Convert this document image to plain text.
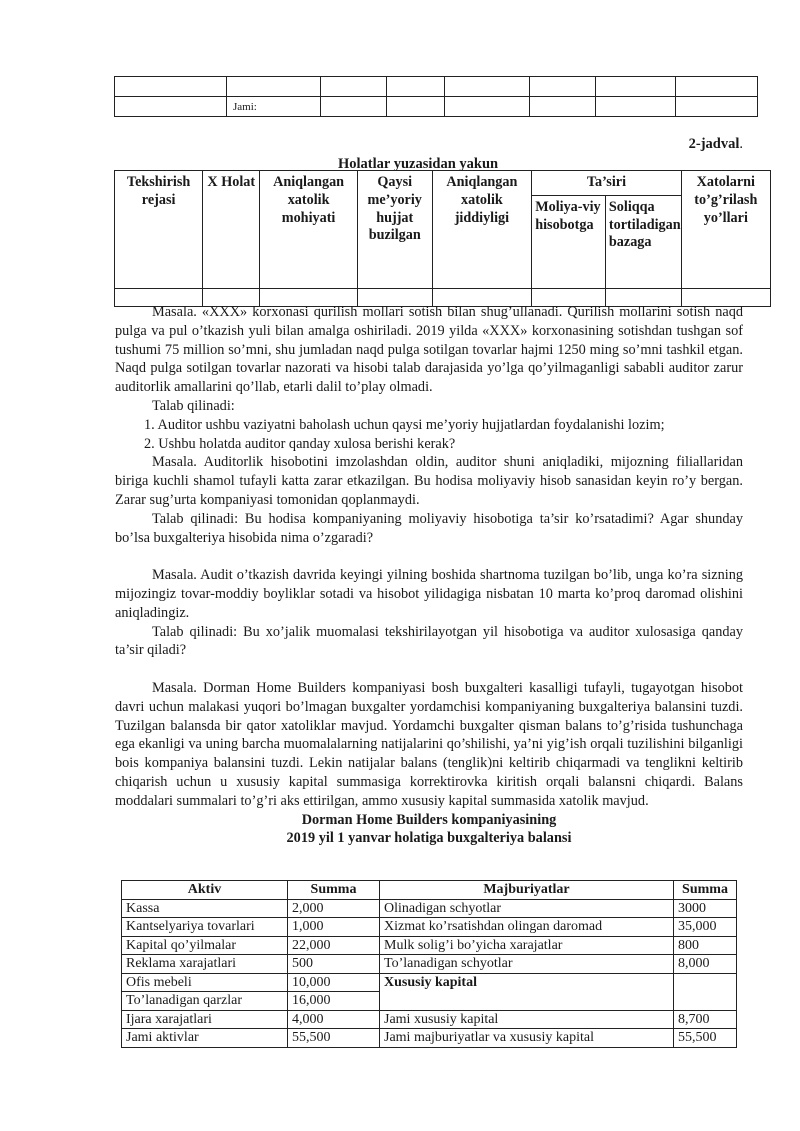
	Jami:						
2-jadval.
Holatlar yuzasidan yakun
Tekshirish rejasi	X Holat	Aniqlangan xatolik mohiyati	Qaysi me’yoriy hujjat buzilgan	Aniqlangan xatolik jiddiyligi	Ta’siri		Xatolarni to’g’rilash yo’llari
					Moliya-viy hisobotga	Soliqqa tortiladigan bazaga	

Masala. «XXX» korxonasi qurilish mollari sotish bilan shug’ullanadi. Qurilish mollarini sotish naqd pulga va pul o’tkazish yuli bilan amalga oshiriladi. 2019 yilda «XXX» korxonasining sotishdan tushgan sof tushumi 75 million so’mni, shu jumladan naqd pulga sotilgan tovarlar hajmi 1250 ming so’mni tashkil etgan. Naqd pulga sotilgan tovarlar nazorati va hisobi talab darajasida yo’lga qo’yilmaganligi sababli auditor zarur auditorlik amallarini qo’llab, etarli dalil to’play olmadi.

Talab qilinadi:

1. Auditor ushbu vaziyatni baholash uchun qaysi me’yoriy hujjatlardan foydalanishi lozim;
2. Ushbu holatda auditor qanday xulosa berishi kerak?

Masala. Auditorlik hisobotini imzolashdan oldin, auditor shuni aniqladiki, mijozning filiallaridan biriga kuchli shamol tufayli katta zarar etkazilgan. Bu hodisa moliyaviy hisob sanasidan keyin ro’y bergan. Zarar sug’urta kompaniyasi tomonidan qoplanmaydi.

Talab qilinadi: Bu hodisa kompaniyaning moliyaviy hisobotiga ta’sir ko’rsatadimi? Agar shunday bo’lsa buxgalteriya hisobida nima o’zgaradi?

Masala. Audit o’tkazish davrida keyingi yilning boshida shartnoma tuzilgan bo’lib, unga ko’ra sizning mijozingiz tovar-moddiy boyliklar sotadi va hisobot yilidagiga nisbatan 10 marta ko’proq daromad olishini aniqladingiz.

Talab qilinadi: Bu xo’jalik muomalasi tekshirilayotgan yil hisobotiga va auditor xulosasiga qanday ta’sir qiladi?

Masala. Dorman Home Builders kompaniyasi bosh buxgalteri kasalligi tufayli, tugayotgan hisobot davri uchun malakasi yuqori bo’lmagan buxgalter yordamchisi kompaniyaning buxgalteriya balansini tuzdi. Tuzilgan balansda bir qator xatoliklar mavjud. Yordamchi buxgalter qisman balans to’g’risida tushunchaga ega ekanligi va uning barcha muomalalarning natijalarini qo’shilishi, ya’ni yig’ish orqali tuzilishini bilganligi bois kompaniya balansini tuzdi. Lekin natijalar balans (tenglik)ni keltirib chiqarmadi va tenglikni keltirib chiqarish uchun u xususiy kapital summasiga korrektirovka kiritish orqali balansni chiqardi. Balans moddalari summalari to’g’ri aks ettirilgan, ammo xususiy kapital summasida xatolik mavjud.

Dorman Home Builders kompaniyasining

2019 yil 1 yanvar holatiga buxgalteriya balansi

Aktiv	Summa	Majburiyatlar	Summa
Kassa	2,000	Olinadigan schyotlar	3000
Kantselyariya tovarlari	1,000	Xizmat ko’rsatishdan olingan daromad	35,000
Kapital qo’yilmalar	22,000	Mulk solig’i bo’yicha xarajatlar	800
Reklama xarajatlari	500	To’lanadigan schyotlar	8,000
Ofis mebeli	10,000	Xususiy kapital	
To’lanadigan qarzlar	16,000		
Ijara xarajatlari	4,000	Jami xususiy kapital	8,700
Jami aktivlar	55,500	Jami majburiyatlar va xususiy kapital	55,500
